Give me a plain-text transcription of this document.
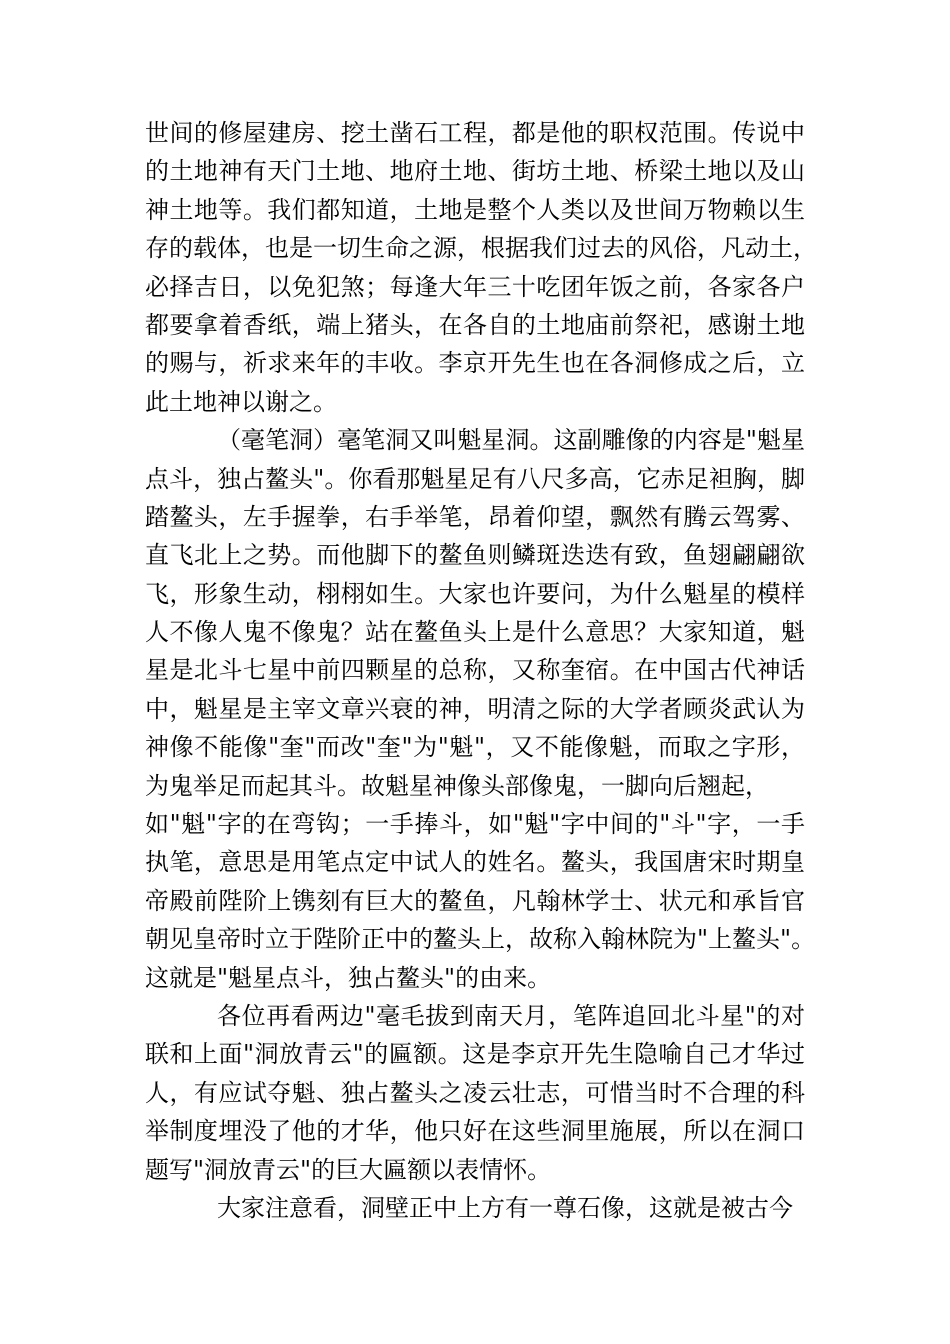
世间的修屋建房、挖土凿石工程，都是他的职权范围。传说中
的土地神有天门土地、地府土地、街坊土地、桥梁土地以及山
神土地等。我们都知道，土地是整个人类以及世间万物赖以生
存的载体，也是一切生命之源，根据我们过去的风俗，凡动土，
必择吉日，以免犯煞；每逢大年三十吃团年饭之前，各家各户
都要拿着香纸，端上猪头，在各自的土地庙前祭祀，感谢土地
的赐与，祈求来年的丰收。李京开先生也在各洞修成之后，立
此土地神以谢之。
（毫笔洞）毫笔洞又叫魁星洞。这副雕像的内容是"魁星
点斗，独占鳌头"。你看那魁星足有八尺多高，它赤足袒胸，脚
踏鳌头，左手握拳，右手举笔，昂着仰望，飘然有腾云驾雾、
直飞北上之势。而他脚下的鳌鱼则鳞斑迭迭有致，鱼翅翩翩欲
飞，形象生动，栩栩如生。大家也许要问，为什么魁星的模样
人不像人鬼不像鬼？站在鳌鱼头上是什么意思？大家知道，魁
星是北斗七星中前四颗星的总称，又称奎宿。在中国古代神话
中，魁星是主宰文章兴衰的神，明清之际的大学者顾炎武认为
神像不能像"奎"而改"奎"为"魁"，又不能像魁，而取之字形，
为鬼举足而起其斗。故魁星神像头部像鬼，一脚向后翘起，
如"魁"字的在弯钩；一手捧斗，如"魁"字中间的"斗"字，一手
执笔，意思是用笔点定中试人的姓名。鳌头，我国唐宋时期皇
帝殿前陛阶上镌刻有巨大的鳌鱼，凡翰林学士、状元和承旨官
朝见皇帝时立于陛阶正中的鳌头上，故称入翰林院为"上鳌头"。
这就是"魁星点斗，独占鳌头"的由来。
各位再看两边"毫毛拔到南天月，笔阵追回北斗星"的对
联和上面"洞放青云"的匾额。这是李京开先生隐喻自己才华过
人，有应试夺魁、独占鳌头之凌云壮志，可惜当时不合理的科
举制度埋没了他的才华，他只好在这些洞里施展，所以在洞口
题写"洞放青云"的巨大匾额以表情怀。
大家注意看，洞壁正中上方有一尊石像，这就是被古今
